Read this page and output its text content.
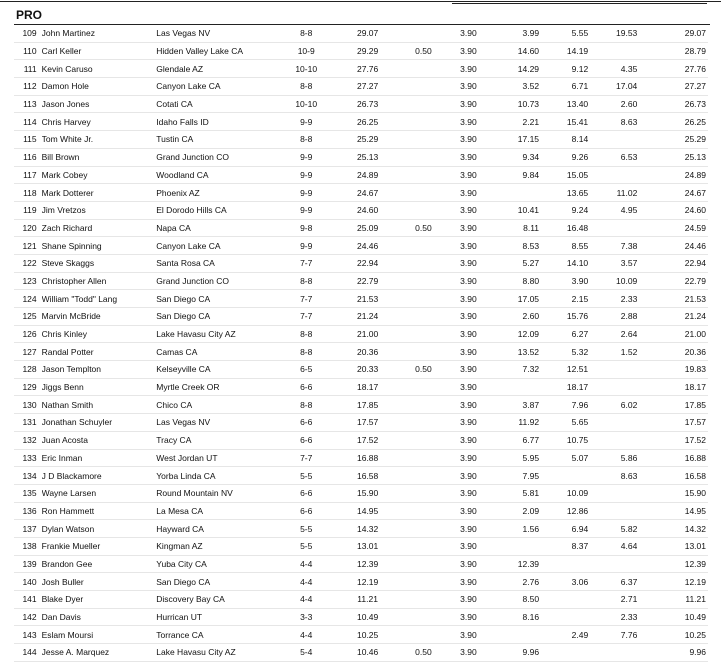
PRO
109	John Martinez	Las Vegas NV	8-8	29.07		3.90	3.99	5.55	19.53		29.07
110	Carl Keller	Hidden Valley Lake CA	10-9	29.29	0.50	3.90	14.60	14.19			28.79
111	Kevin Caruso	Glendale AZ	10-10	27.76		3.90	14.29	9.12	4.35		27.76
112	Damon Hole	Canyon Lake CA	8-8	27.27		3.90	3.52	6.71	17.04		27.27
113	Jason Jones	Cotati CA	10-10	26.73		3.90	10.73	13.40	2.60		26.73
114	Chris Harvey	Idaho Falls ID	9-9	26.25		3.90	2.21	15.41	8.63		26.25
115	Tom White Jr.	Tustin CA	8-8	25.29		3.90	17.15	8.14			25.29
116	Bill Brown	Grand Junction CO	9-9	25.13		3.90	9.34	9.26	6.53		25.13
117	Mark Cobey	Woodland CA	9-9	24.89		3.90	9.84	15.05			24.89
118	Mark Dotterer	Phoenix AZ	9-9	24.67		3.90		13.65	11.02		24.67
119	Jim Vretzos	El Dorodo Hills CA	9-9	24.60		3.90	10.41	9.24	4.95		24.60
120	Zach Richard	Napa CA	9-8	25.09	0.50	3.90	8.11	16.48			24.59
121	Shane Spinning	Canyon Lake CA	9-9	24.46		3.90	8.53	8.55	7.38		24.46
122	Steve Skaggs	Santa Rosa CA	7-7	22.94		3.90	5.27	14.10	3.57		22.94
123	Christopher Allen	Grand Junction CO	8-8	22.79		3.90	8.80	3.90	10.09		22.79
124	William "Todd" Lang	San Diego CA	7-7	21.53		3.90	17.05	2.15	2.33		21.53
125	Marvin McBride	San Diego CA	7-7	21.24		3.90	2.60	15.76	2.88		21.24
126	Chris Kinley	Lake Havasu City AZ	8-8	21.00		3.90	12.09	6.27	2.64		21.00
127	Randal Potter	Camas CA	8-8	20.36		3.90	13.52	5.32	1.52		20.36
128	Jason Templton	Kelseyville CA	6-5	20.33	0.50	3.90	7.32	12.51			19.83
129	Jiggs Benn	Myrtle Creek OR	6-6	18.17		3.90		18.17			18.17
130	Nathan Smith	Chico CA	8-8	17.85		3.90	3.87	7.96	6.02		17.85
131	Jonathan Schuyler	Las Vegas NV	6-6	17.57		3.90	11.92	5.65			17.57
132	Juan Acosta	Tracy CA	6-6	17.52		3.90	6.77	10.75			17.52
133	Eric Inman	West Jordan UT	7-7	16.88		3.90	5.95	5.07	5.86		16.88
134	J D Blackamore	Yorba Linda CA	5-5	16.58		3.90	7.95		8.63		16.58
135	Wayne Larsen	Round Mountain NV	6-6	15.90		3.90	5.81	10.09			15.90
136	Ron Hammett	La Mesa CA	6-6	14.95		3.90	2.09	12.86			14.95
137	Dylan Watson	Hayward CA	5-5	14.32		3.90	1.56	6.94	5.82		14.32
138	Frankie Mueller	Kingman AZ	5-5	13.01		3.90		8.37	4.64		13.01
139	Brandon Gee	Yuba City CA	4-4	12.39		3.90	12.39				12.39
140	Josh Buller	San Diego CA	4-4	12.19		3.90	2.76	3.06	6.37		12.19
141	Blake Dyer	Discovery Bay CA	4-4	11.21		3.90	8.50		2.71		11.21
142	Dan Davis	Hurrican UT	3-3	10.49		3.90	8.16		2.33		10.49
143	Eslam Moursi	Torrance CA	4-4	10.25		3.90		2.49	7.76		10.25
144	Jesse A. Marquez	Lake Havasu City AZ	5-4	10.46	0.50	3.90	9.96				9.96
